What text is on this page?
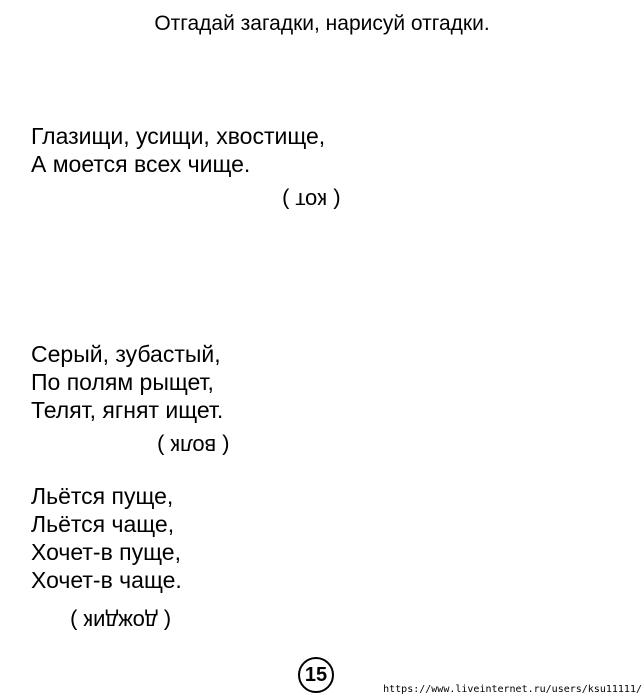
Отгадай загадки, нарисуй отгадки.
Глазищи, усищи, хвостище,
А моется всех чище.
( кот )
Серый, зубастый,
По полям рыщет,
Телят, ягнят ищет.
( волк )
Льётся пуще,
Льётся чаще,
Хочет-в пуще,
Хочет-в чаще.
( дождик )
15
https://www.liveinternet.ru/users/ksu11111/
